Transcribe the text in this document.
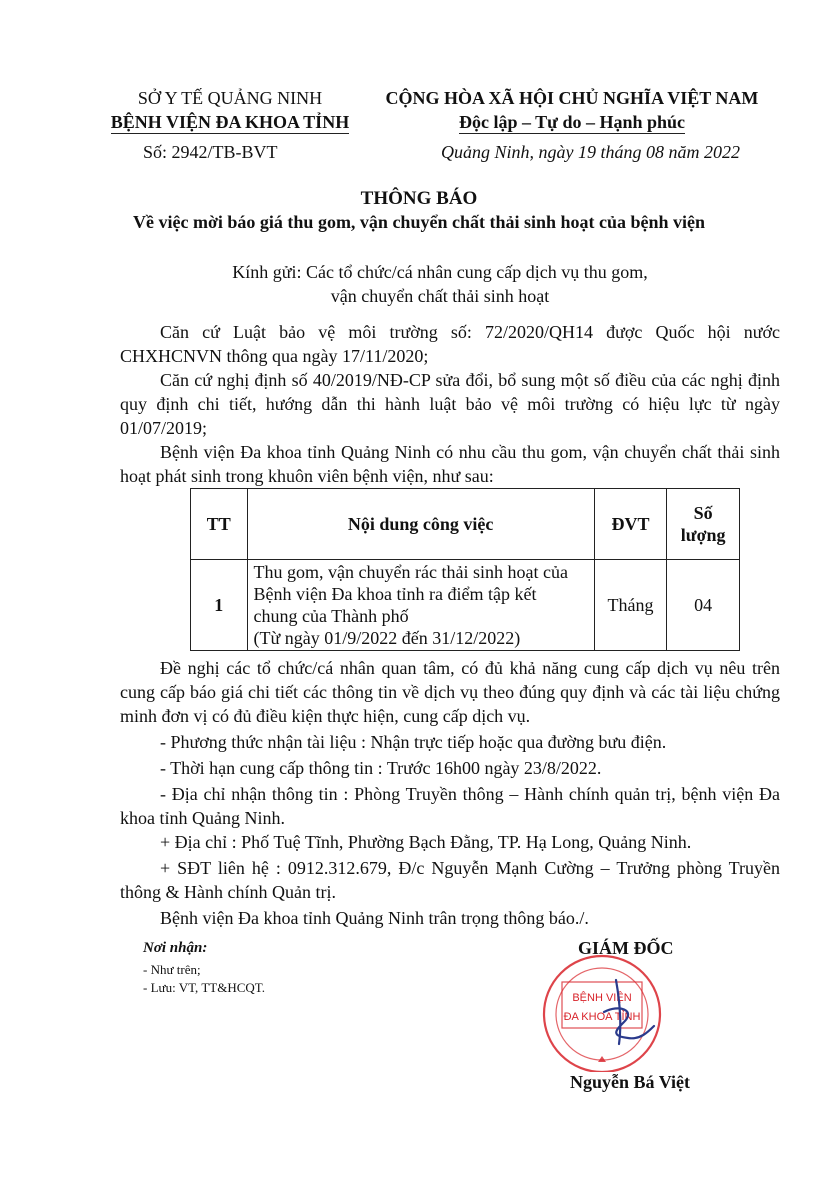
SỞ Y TẾ QUẢNG NINH
BỆNH VIỆN ĐA KHOA TỈNH
CỘNG HÒA XÃ HỘI CHỦ NGHĨA VIỆT NAM
Độc lập – Tự do – Hạnh phúc
Số: 2942/TB-BVT	Quảng Ninh, ngày 19 tháng 08 năm 2022
THÔNG BÁO
Về việc mời báo giá thu gom, vận chuyển chất thải sinh hoạt của bệnh viện
Kính gửi: Các tổ chức/cá nhân cung cấp dịch vụ thu gom,
vận chuyển chất thải sinh hoạt
Căn cứ Luật bảo vệ môi trường số: 72/2020/QH14 được Quốc hội nước CHXHCNVN thông qua ngày 17/11/2020;
Căn cứ nghị định số 40/2019/NĐ-CP sửa đổi, bổ sung một số điều của các nghị định quy định chi tiết, hướng dẫn thi hành luật bảo vệ môi trường có hiệu lực từ ngày 01/07/2019;
Bệnh viện Đa khoa tỉnh Quảng Ninh có nhu cầu thu gom, vận chuyển chất thải sinh hoạt phát sinh trong khuôn viên bệnh viện, như sau:
TT	Nội dung công việc	ĐVT	Số lượng
1	Thu gom, vận chuyển rác thải sinh hoạt của
Bệnh viện Đa khoa tỉnh ra điểm tập kết
chung của Thành phố
(Từ ngày 01/9/2022 đến 31/12/2022)	Tháng	04
Đề nghị các tổ chức/cá nhân quan tâm, có đủ khả năng cung cấp dịch vụ nêu trên cung cấp báo giá chi tiết các thông tin về dịch vụ theo đúng quy định và các tài liệu chứng minh đơn vị có đủ điều kiện thực hiện, cung cấp dịch vụ.
- Phương thức nhận tài liệu : Nhận trực tiếp hoặc qua đường bưu điện.
- Thời hạn cung cấp thông tin : Trước 16h00 ngày 23/8/2022.
- Địa chỉ nhận thông tin : Phòng Truyền thông – Hành chính quản trị, bệnh viện Đa khoa tỉnh Quảng Ninh.
+ Địa chỉ : Phố Tuệ Tĩnh, Phường Bạch Đằng, TP. Hạ Long, Quảng Ninh.
+ SĐT liên hệ : 0912.312.679, Đ/c Nguyễn Mạnh Cường – Trưởng phòng Truyền thông & Hành chính Quản trị.
Bệnh viện Đa khoa tỉnh Quảng Ninh trân trọng thông báo./.
Nơi nhận:
- Như trên;
- Lưu: VT, TT&HCQT.
BỆNH VIỆN
ĐA KHOA TỈNH
GIÁM ĐỐC
Nguyễn Bá Việt
